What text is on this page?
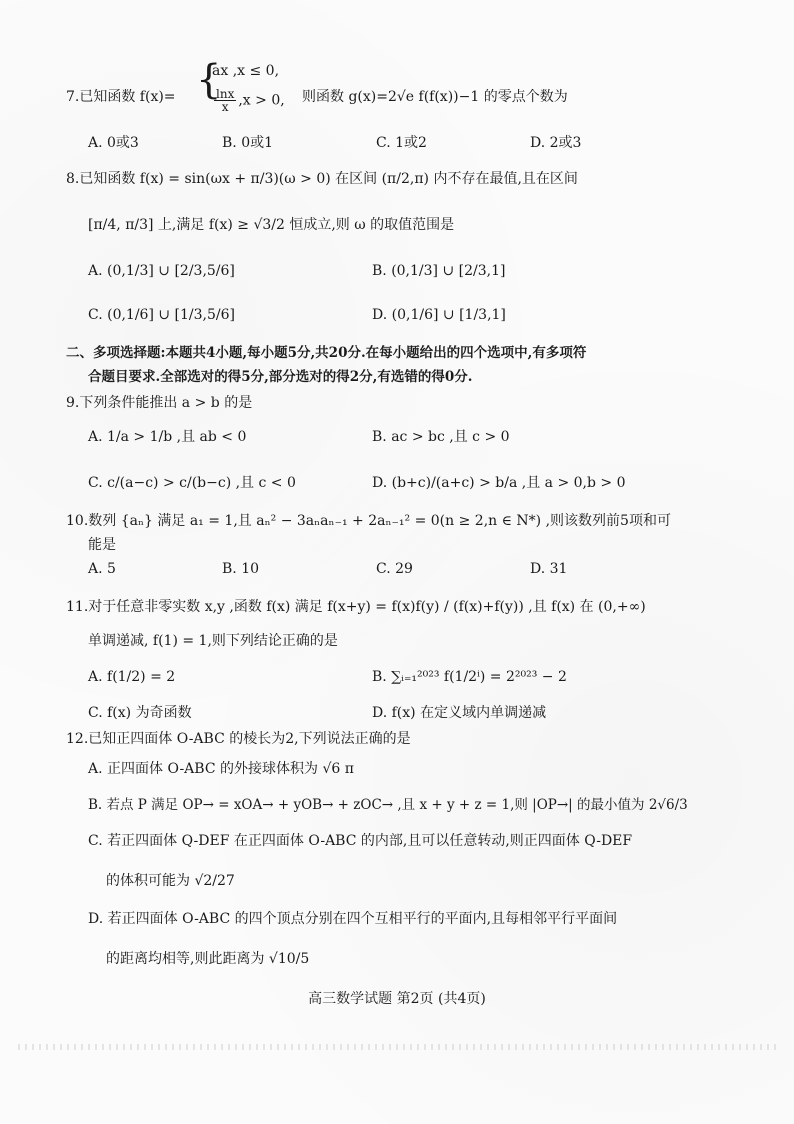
7.已知函数 f(x)= {
ax ,x ≤ 0,
$\frac{\ln x}{x} ,x > 0$, 则函数 g(x)=2√e f(f(x))−1 的零点个数为
A. 0或3	B. 0或1	C. 1或2	D. 2或3
8.已知函数 f(x) = sin(ωx + π/3)(ω > 0) 在区间 (π/2,π) 内不存在最值,且在区间
[π/4, π/3] 上,满足 f(x) ≥ √3/2 恒成立,则 ω 的取值范围是
A. (0,1/3] ∪ [2/3,5/6]	B. (0,1/3] ∪ [2/3,1]
C. (0,1/6] ∪ [1/3,5/6]	D. (0,1/6] ∪ [1/3,1]
二、多项选择题:本题共4小题,每小题5分,共20分.在每小题给出的四个选项中,有多项符
合题目要求.全部选对的得5分,部分选对的得2分,有选错的得0分.
9.下列条件能推出 a > b 的是
A. 1/a > 1/b ,且 ab < 0	B. ac > bc ,且 c > 0
C. c/(a−c) > c/(b−c) ,且 c < 0	D. (b+c)/(a+c) > b/a ,且 a > 0,b > 0
10.数列 {aₙ} 满足 a₁ = 1,且 aₙ² − 3aₙaₙ₋₁ + 2aₙ₋₁² = 0(n ≥ 2,n ∈ N*) ,则该数列前5项和可
能是
A. 5	B. 10	C. 29	D. 31
11.对于任意非零实数 x,y ,函数 f(x) 满足 f(x+y) = f(x)f(y) / (f(x)+f(y)) ,且 f(x) 在 (0,+∞)
单调递减, f(1) = 1,则下列结论正确的是
A. f(1/2) = 2	B. ∑ᵢ₌₁²⁰²³ f(1/2ⁱ) = 2²⁰²³ − 2
C. f(x) 为奇函数	D. f(x) 在定义域内单调递减
12.已知正四面体 O-ABC 的棱长为2,下列说法正确的是
A. 正四面体 O-ABC 的外接球体积为 √6 π
B. 若点 P 满足 OP→ = xOA→ + yOB→ + zOC→ ,且 x + y + z = 1,则 |OP→| 的最小值为 2√6/3
C. 若正四面体 Q-DEF 在正四面体 O-ABC 的内部,且可以任意转动,则正四面体 Q-DEF
的体积可能为 √2/27
D. 若正四面体 O-ABC 的四个顶点分别在四个互相平行的平面内,且每相邻平行平面间
的距离均相等,则此距离为 √10/5
高三数学试题 第2页 (共4页)
